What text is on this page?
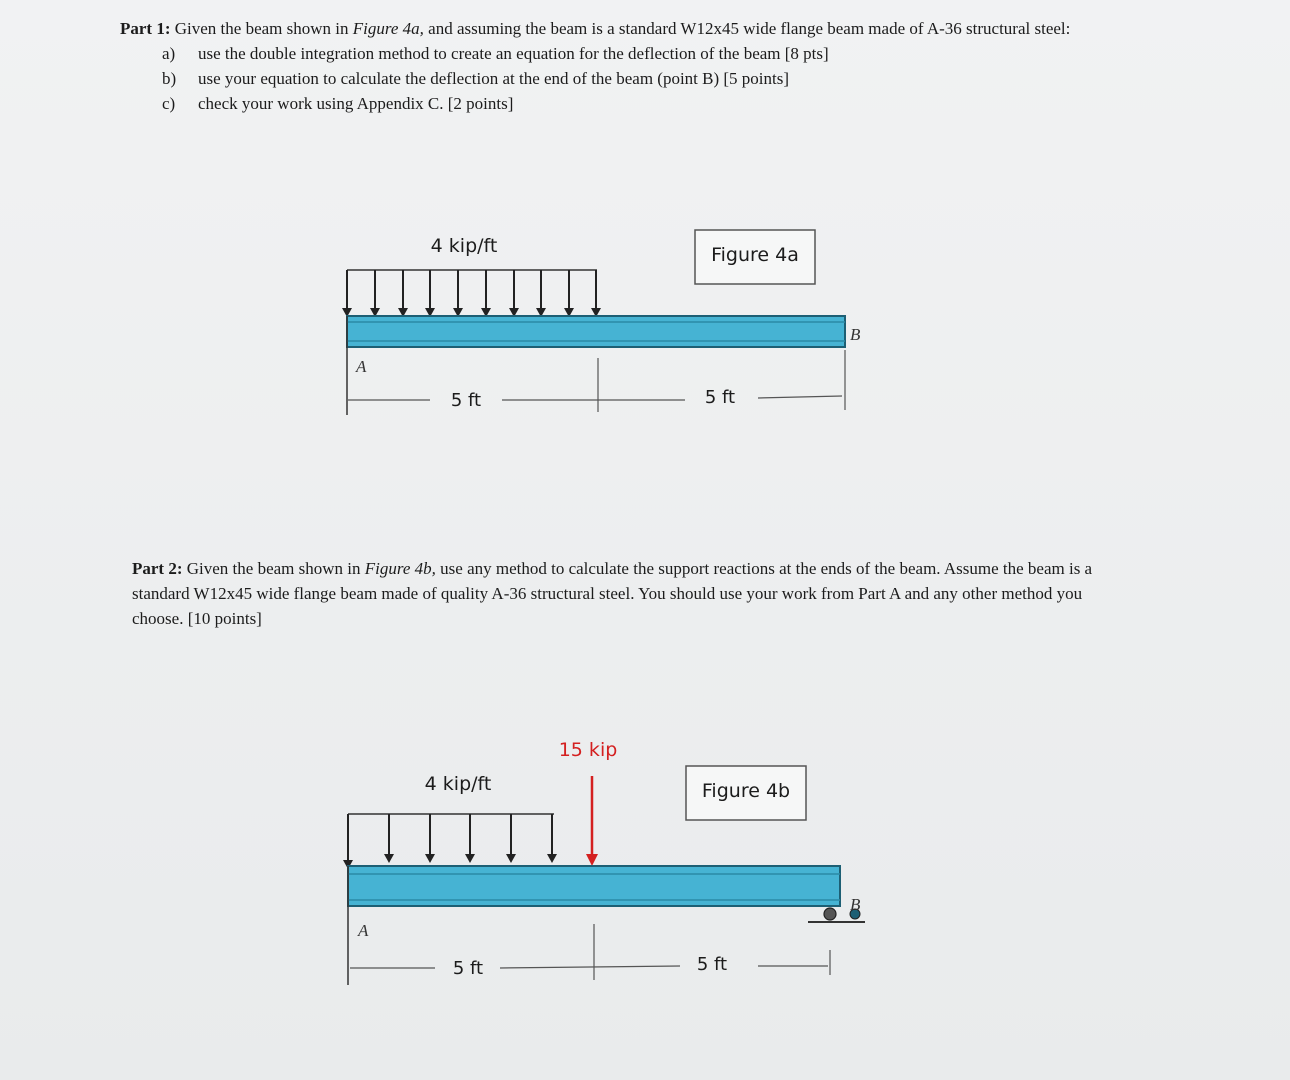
Part 1: Given the beam shown in Figure 4a, and assuming the beam is a standard W12x45 wide flange beam made of A-36 structural steel:
a)	use the double integration method to create an equation for the deflection of the beam [8 pts]
b)	use your equation to calculate the deflection at the end of the beam (point B) [5 points]
c)	check your work using Appendix C. [2 points]
Figure 4a
4 kip/ft
A
B
5 ft	5 ft
Part 2: Given the beam shown in Figure 4b, use any method to calculate the support reactions at the ends of the beam. Assume the beam is a standard W12x45 wide flange beam made of quality A-36 structural steel. You should use your work from Part A and any other method you choose. [10 points]
Figure 4b
15 kip
4 kip/ft
A
B
5 ft	5 ft
